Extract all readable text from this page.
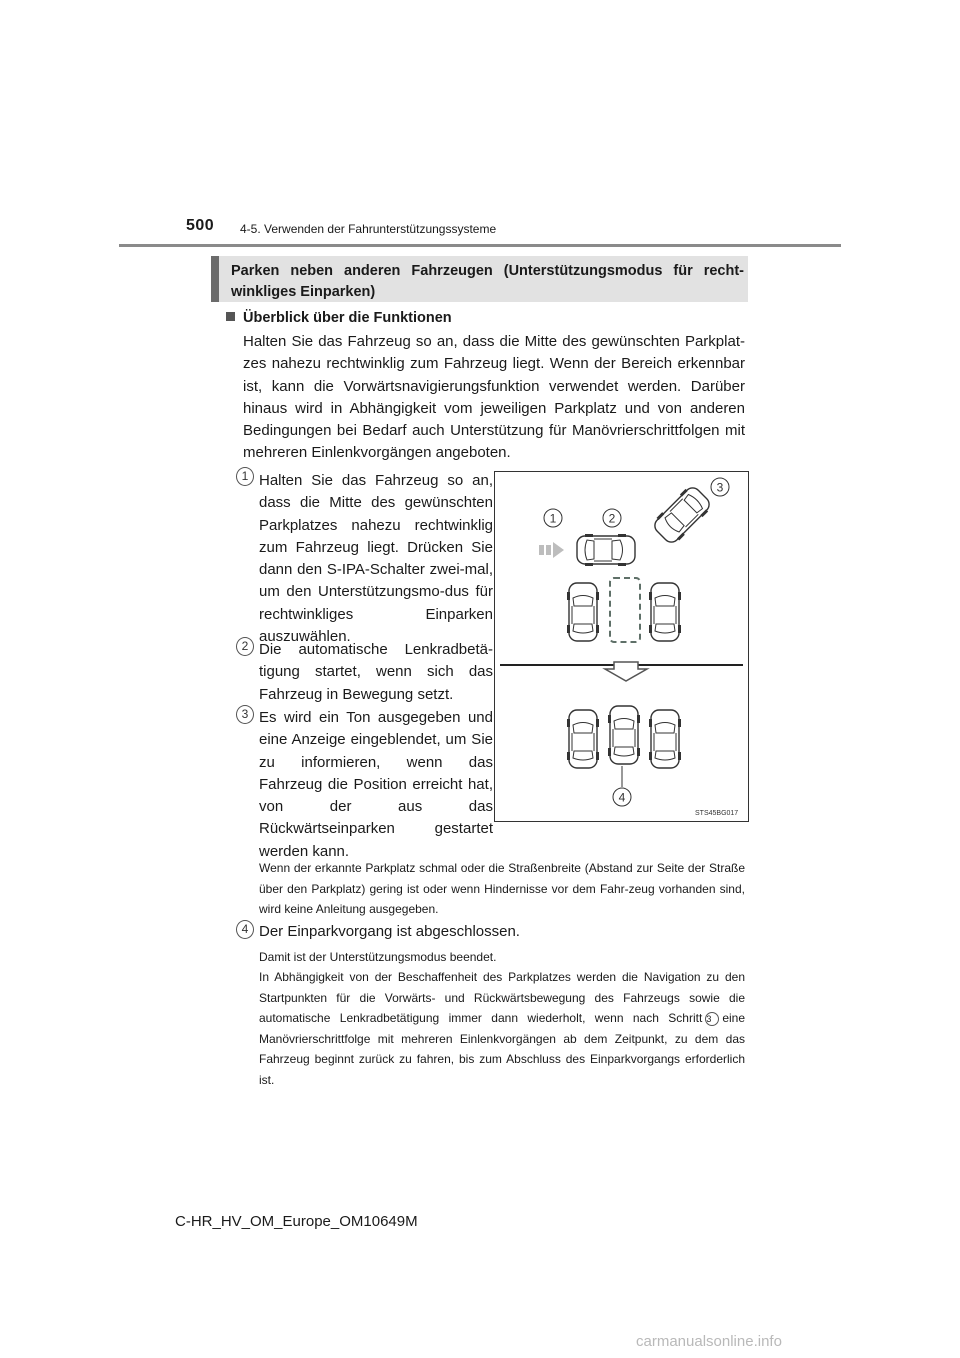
500 4-5. Verwenden der Fahrunterstützungssysteme
Parken neben anderen Fahrzeugen (Unterstützungsmodus für recht-winkliges Einparken)
Überblick über die Funktionen
Halten Sie das Fahrzeug so an, dass die Mitte des gewünschten Parkplat-zes nahezu rechtwinklig zum Fahrzeug liegt. Wenn der Bereich erkennbar ist, kann die Vorwärtsnavigierungsfunktion verwendet werden. Darüber hinaus wird in Abhängigkeit vom jeweiligen Parkplatz und von anderen Bedingungen bei Bedarf auch Unterstützung für Manövrierschrittfolgen mit mehreren Einlenkvorgängen angeboten.
1 Halten Sie das Fahrzeug so an, dass die Mitte des gewünschten Parkplatzes nahezu rechtwinklig zum Fahrzeug liegt. Drücken Sie dann den S-IPA-Schalter zwei-mal, um den Unterstützungsmo-dus für rechtwinkliges Einparken auszuwählen.
2 Die automatische Lenkradbetä-tigung startet, wenn sich das Fahrzeug in Bewegung setzt.
3 Es wird ein Ton ausgegeben und eine Anzeige eingeblendet, um Sie zu informieren, wenn das Fahrzeug die Position erreicht hat, von der aus das Rückwärtseinparken gestartet werden kann.
Wenn der erkannte Parkplatz schmal oder die Straßenbreite (Abstand zur Seite der Straße über den Parkplatz) gering ist oder wenn Hindernisse vor dem Fahr-zeug vorhanden sind, wird keine Anleitung ausgegeben.
4 Der Einparkvorgang ist abgeschlossen.
Damit ist der Unterstützungsmodus beendet.
In Abhängigkeit von der Beschaffenheit des Parkplatzes werden die Navigation zu den Startpunkten für die Vorwärts- und Rückwärtsbewegung des Fahrzeugs sowie die automatische Lenkradbetätigung immer dann wiederholt, wenn nach Schritt 3 eine Manövrierschrittfolge mit mehreren Einlenkvorgängen ab dem Zeitpunkt, zu dem das Fahrzeug beginnt zurück zu fahren, bis zum Abschluss des Einparkvorgangs erforderlich ist.
1	2
3
4
STS45BG017
C-HR_HV_OM_Europe_OM10649M
carmanualsonline.info
